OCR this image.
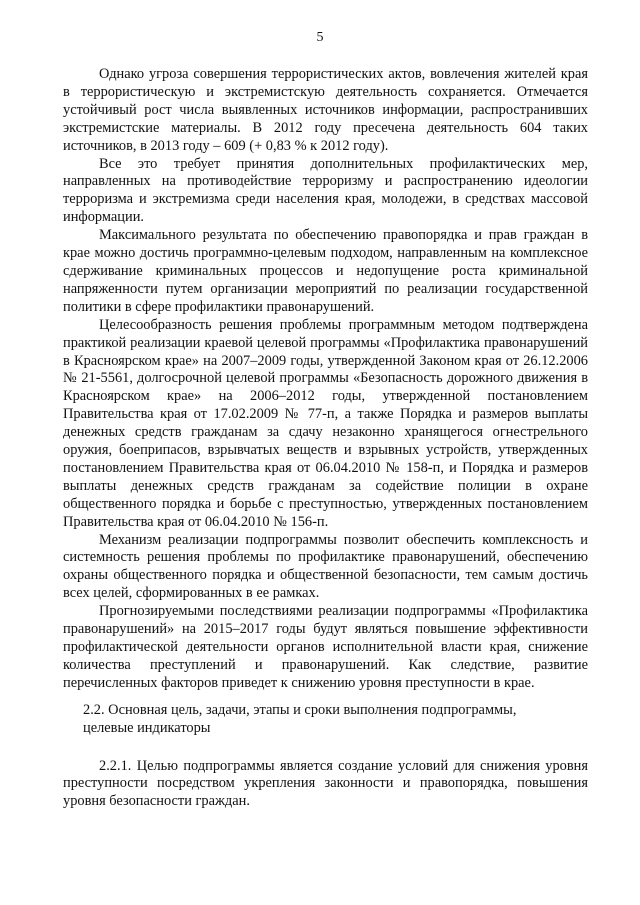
5

Однако угроза совершения террористических актов, вовлечения жителей края в террористическую и экстремистскую деятельность сохраняется. Отмечается устойчивый рост числа выявленных источников информации, распространивших экстремистские материалы. В 2012 году пресечена деятельность 604 таких источников, в 2013 году – 609 (+ 0,83 % к 2012 году).

Все это требует принятия дополнительных профилактических мер, направленных на противодействие терроризму и распространению идеологии терроризма и экстремизма среди населения края, молодежи, в средствах массовой информации.

Максимального результата по обеспечению правопорядка и прав граждан в крае можно достичь программно-целевым подходом, направленным на комплексное сдерживание криминальных процессов и недопущение роста криминальной напряженности путем организации мероприятий по реализации государственной политики в сфере профилактики правонарушений.

Целесообразность решения проблемы программным методом подтверждена практикой реализации краевой целевой программы «Профилактика правонарушений в Красноярском крае» на 2007–2009 годы, утвержденной Законом края от 26.12.2006 № 21-5561, долгосрочной целевой программы «Безопасность дорожного движения в Красноярском крае» на 2006–2012 годы, утвержденной постановлением Правительства края от 17.02.2009 № 77-п, а также Порядка и размеров выплаты денежных средств гражданам за сдачу незаконно хранящегося огнестрельного оружия, боеприпасов, взрывчатых веществ и взрывных устройств, утвержденных постановлением Правительства края от 06.04.2010 № 158-п, и Порядка и размеров выплаты денежных средств гражданам за содействие полиции в охране общественного порядка и борьбе с преступностью, утвержденных постановлением Правительства края от 06.04.2010 № 156-п.

Механизм реализации подпрограммы позволит обеспечить комплексность и системность решения проблемы по профилактике правонарушений, обеспечению охраны общественного порядка и общественной безопасности, тем самым достичь всех целей, сформированных в ее рамках.

Прогнозируемыми последствиями реализации подпрограммы «Профилактика правонарушений» на 2015–2017 годы будут являться повышение эффективности профилактической деятельности органов исполнительной власти края, снижение количества преступлений и правонарушений. Как следствие, развитие перечисленных факторов приведет к снижению уровня преступности в крае.

2.2. Основная цель, задачи, этапы и сроки выполнения подпрограммы,
целевые индикаторы

2.2.1. Целью подпрограммы является создание условий для снижения уровня преступности посредством укрепления законности и правопорядка, повышения уровня безопасности граждан.
